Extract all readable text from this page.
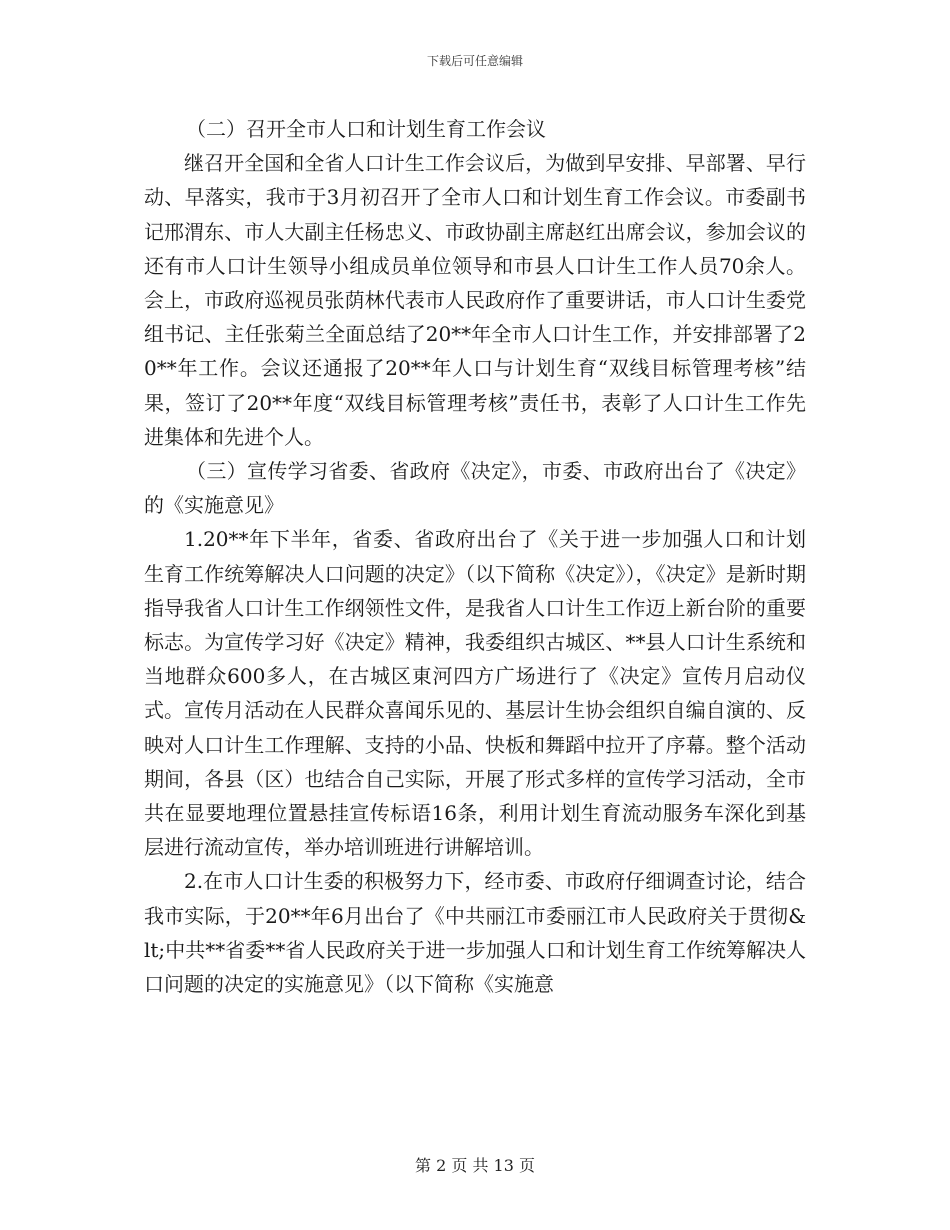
下载后可任意编辑

（二）召开全市人口和计划生育工作会议

继召开全国和全省人口计生工作会议后，为做到早安排、早部署、早行动、早落实，我市于3月初召开了全市人口和计划生育工作会议。市委副书记邢渭东、市人大副主任杨忠义、市政协副主席赵红出席会议，参加会议的还有市人口计生领导小组成员单位领导和市县人口计生工作人员70余人。会上，市政府巡视员张荫林代表市人民政府作了重要讲话，市人口计生委党组书记、主任张菊兰全面总结了20**年全市人口计生工作，并安排部署了20**年工作。会议还通报了20**年人口与计划生育“双线目标管理考核”结果，签订了20**年度“双线目标管理考核”责任书，表彰了人口计生工作先进集体和先进个人。

（三）宣传学习省委、省政府《决定》，市委、市政府出台了《决定》的《实施意见》

1.20**年下半年，省委、省政府出台了《关于进一步加强人口和计划生育工作统筹解决人口问题的决定》（以下简称《决定》），《决定》是新时期指导我省人口计生工作纲领性文件，是我省人口计生工作迈上新台阶的重要标志。为宣传学习好《决定》精神，我委组织古城区、**县人口计生系统和当地群众600多人，在古城区東河四方广场进行了《决定》宣传月启动仪式。宣传月活动在人民群众喜闻乐见的、基层计生协会组织自编自演的、反映对人口计生工作理解、支持的小品、快板和舞蹈中拉开了序幕。整个活动期间，各县（区）也结合自己实际，开展了形式多样的宣传学习活动，全市共在显要地理位置悬挂宣传标语16条，利用计划生育流动服务车深化到基层进行流动宣传，举办培训班进行讲解培训。

2.在市人口计生委的积极努力下，经市委、市政府仔细调查讨论，结合我市实际，于20**年6月出台了《中共丽江市委丽江市人民政府关于贯彻&lt;中共**省委**省人民政府关于进一步加强人口和计划生育工作统筹解决人口问题的决定的实施意见》（以下简称《实施意

第 2 页 共 13 页
